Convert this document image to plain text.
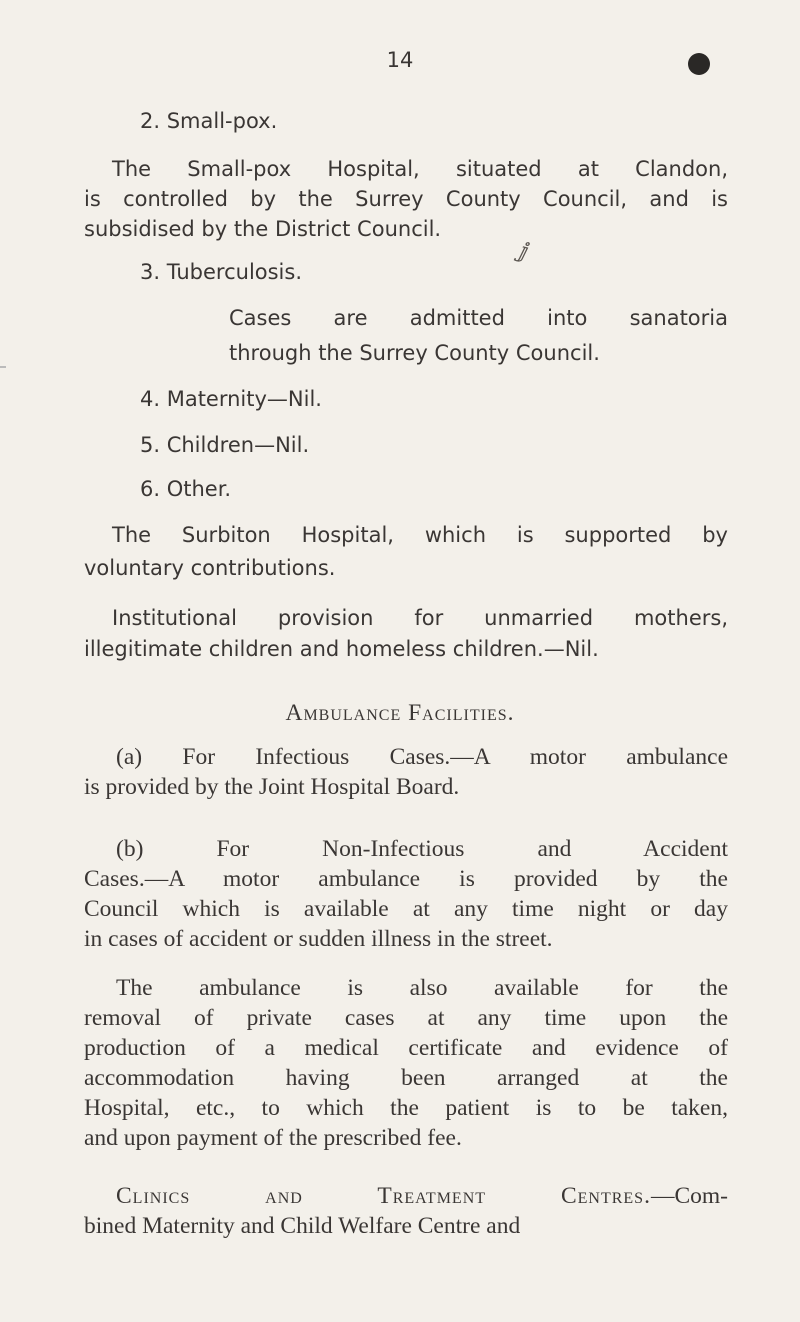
14
ⅉ
2. Small-pox.
The Small-pox Hospital, situated at Clandon,
is controlled by the Surrey County Council, and is
subsidised by the District Council.
3. Tuberculosis.
Cases are admitted into sanatoria
through the Surrey County Council.
4. Maternity—Nil.
5. Children—Nil.
6. Other.
The Surbiton Hospital, which is supported by
voluntary contributions.
Institutional provision for unmarried mothers,
illegitimate children and homeless children.—Nil.
Ambulance Facilities.
(a) For Infectious Cases.—A motor ambulance
is provided by the Joint Hospital Board.
(b) For Non-Infectious and Accident
Cases.—A motor ambulance is provided by the
Council which is available at any time night or day
in cases of accident or sudden illness in the street.
The ambulance is also available for the
removal of private cases at any time upon the
production of a medical certificate and evidence of
accommodation having been arranged at the
Hospital, etc., to which the patient is to be taken,
and upon payment of the prescribed fee.
Clinics and Treatment Centres.—Com-
bined Maternity and Child Welfare Centre and
